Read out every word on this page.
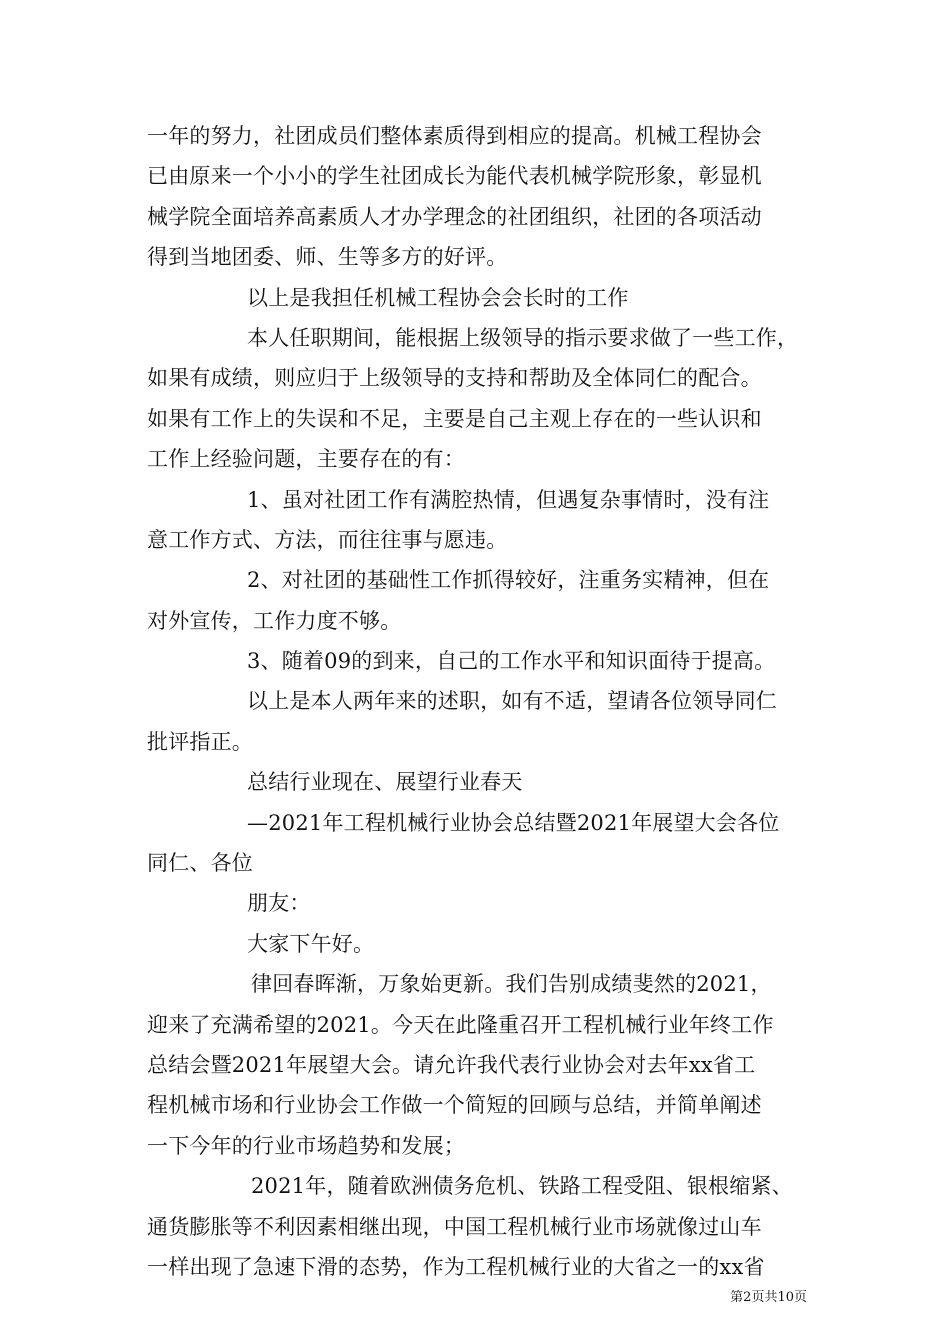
一年的努力，社团成员们整体素质得到相应的提高。机械工程协会
已由原来一个小小的学生社团成长为能代表机械学院形象，彰显机
械学院全面培养高素质人才办学理念的社团组织，社团的各项活动
得到当地团委、师、生等多方的好评。
以上是我担任机械工程协会会长时的工作
本人任职期间，能根据上级领导的指示要求做了一些工作，
如果有成绩，则应归于上级领导的支持和帮助及全体同仁的配合。
如果有工作上的失误和不足，主要是自己主观上存在的一些认识和
工作上经验问题，主要存在的有：
1、虽对社团工作有满腔热情，但遇复杂事情时，没有注
意工作方式、方法，而往往事与愿违。
2、对社团的基础性工作抓得较好，注重务实精神，但在
对外宣传，工作力度不够。
3、随着09的到来，自己的工作水平和知识面待于提高。
以上是本人两年来的述职，如有不适，望请各位领导同仁
批评指正。
总结行业现在、展望行业春天
—2021年工程机械行业协会总结暨2021年展望大会各位
同仁、各位
朋友：
大家下午好。
律回春晖渐，万象始更新。我们告别成绩斐然的2021，
迎来了充满希望的2021。今天在此隆重召开工程机械行业年终工作
总结会暨2021年展望大会。请允许我代表行业协会对去年xx省工
程机械市场和行业协会工作做一个简短的回顾与总结，并简单阐述
一下今年的行业市场趋势和发展；
2021年，随着欧洲债务危机、铁路工程受阻、银根缩紧、
通货膨胀等不利因素相继出现，中国工程机械行业市场就像过山车
一样出现了急速下滑的态势，作为工程机械行业的大省之一的xx省
第2页共10页
